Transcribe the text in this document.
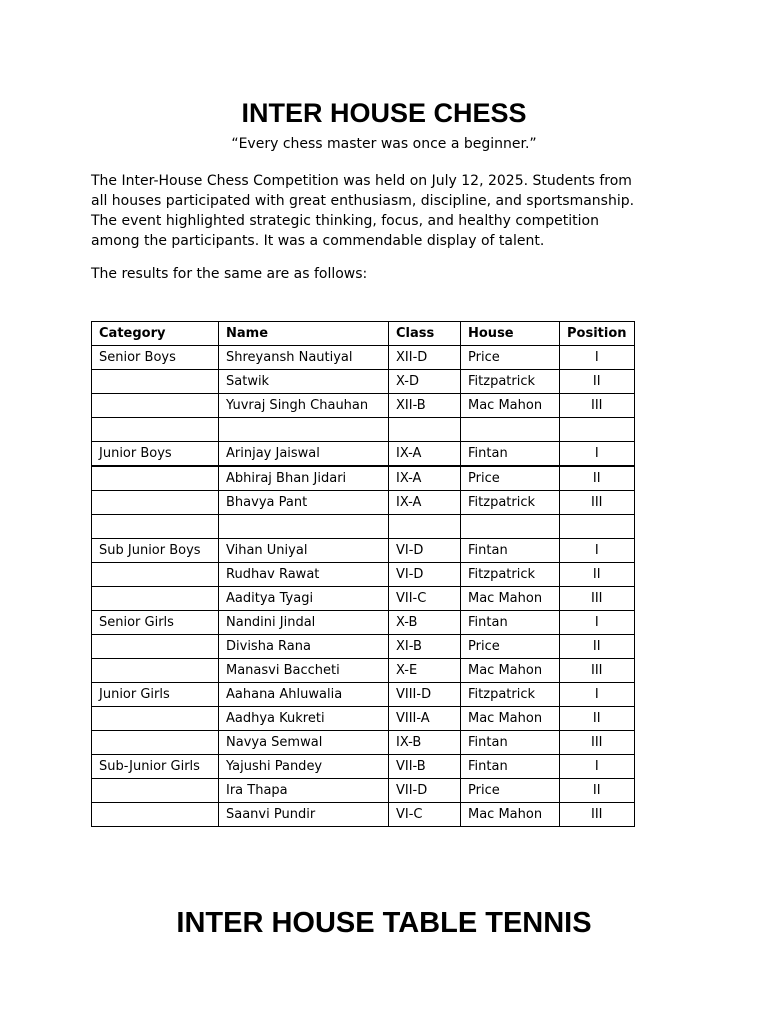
INTER HOUSE CHESS

“Every chess master was once a beginner.”

The Inter-House Chess Competition was held on July 12, 2025. Students from all houses participated with great enthusiasm, discipline, and sportsmanship. The event highlighted strategic thinking, focus, and healthy competition among the participants. It was a commendable display of talent.

The results for the same are as follows:

Category	Name	Class	House	Position
Senior Boys	Shreyansh Nautiyal	XII-D	Price	I
	Satwik	X-D	Fitzpatrick	II
	Yuvraj Singh Chauhan	XII-B	Mac Mahon	III

Junior Boys	Arinjay Jaiswal	IX-A	Fintan	I
	Abhiraj Bhan Jidari	IX-A	Price	II
	Bhavya Pant	IX-A	Fitzpatrick	III

Sub Junior Boys	Vihan Uniyal	VI-D	Fintan	I
	Rudhav Rawat	VI-D	Fitzpatrick	II
	Aaditya Tyagi	VII-C	Mac Mahon	III
Senior Girls	Nandini Jindal	X-B	Fintan	I
	Divisha Rana	XI-B	Price	II
	Manasvi Baccheti	X-E	Mac Mahon	III
Junior Girls	Aahana Ahluwalia	VIII-D	Fitzpatrick	I
	Aadhya Kukreti	VIII-A	Mac Mahon	II
	Navya Semwal	IX-B	Fintan	III
Sub-Junior Girls	Yajushi Pandey	VII-B	Fintan	I
	Ira Thapa	VII-D	Price	II
	Saanvi Pundir	VI-C	Mac Mahon	III
INTER HOUSE TABLE TENNIS
